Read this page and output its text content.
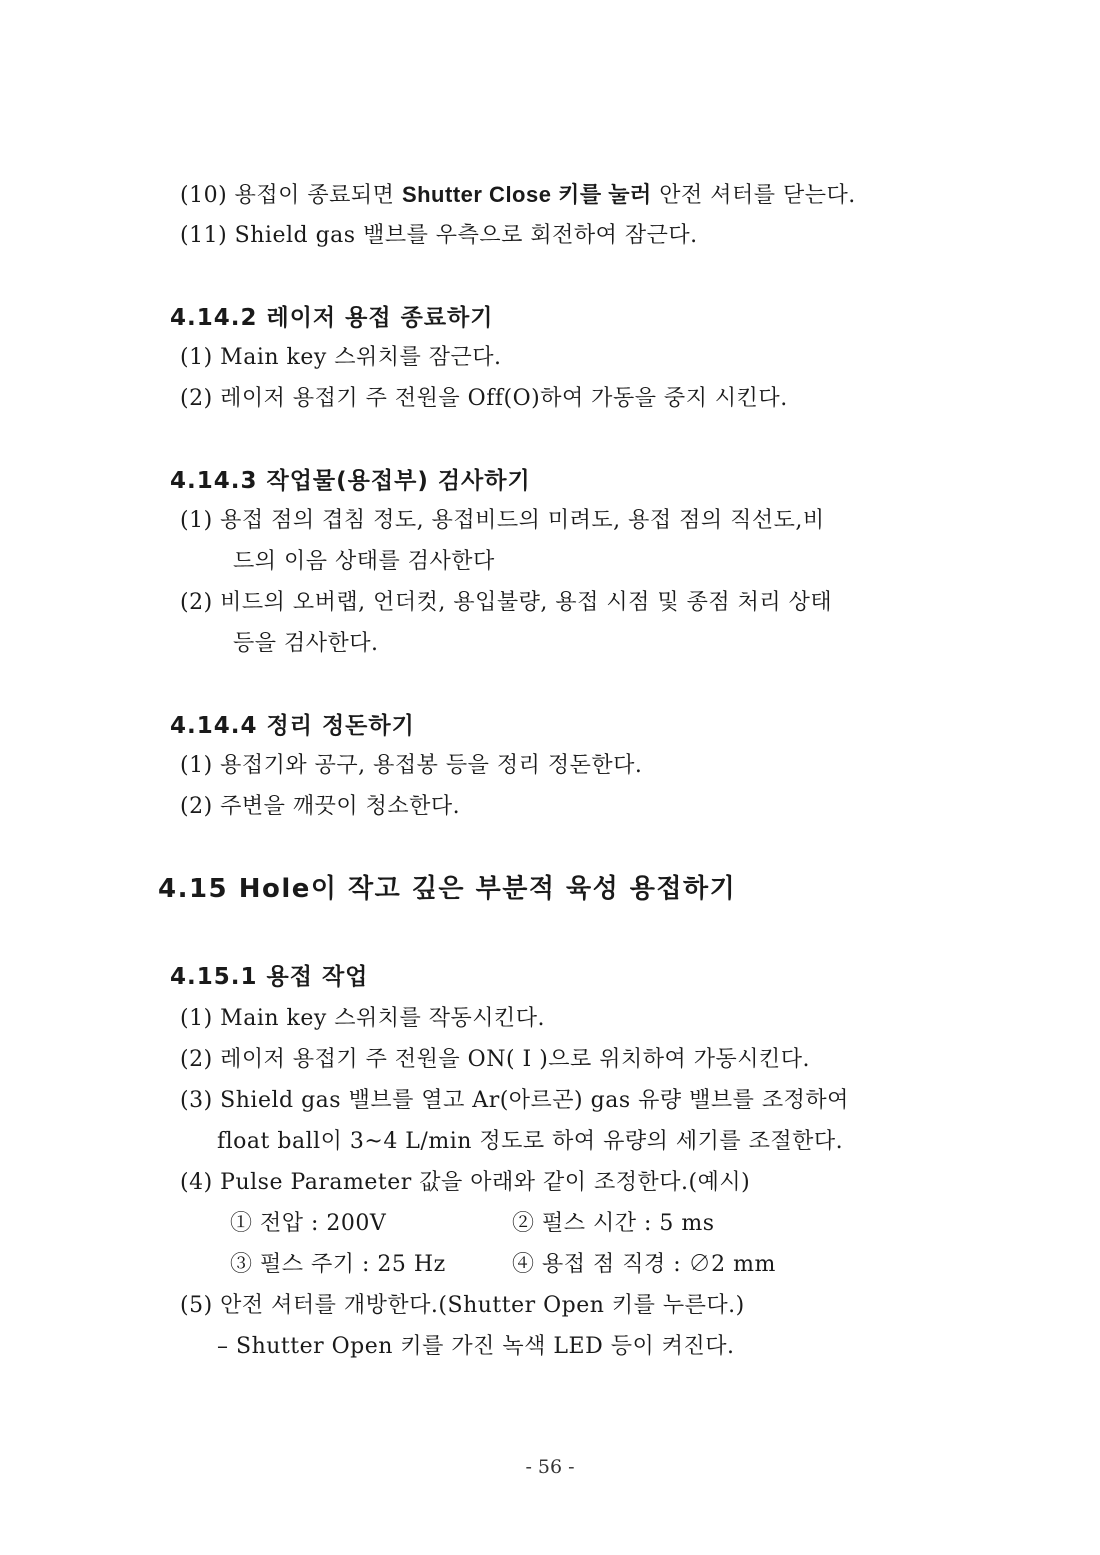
(10) 용접이 종료되면 Shutter Close 키를 눌러 안전 셔터를 닫는다.
(11) Shield gas 밸브를 우측으로 회전하여 잠근다.
4.14.2 레이저 용접 종료하기
(1) Main key 스위치를 잠근다.
(2) 레이저 용접기 주 전원을 Off(O)하여 가동을 중지 시킨다.
4.14.3 작업물(용접부) 검사하기
(1) 용접 점의 겹침 정도, 용접비드의 미려도, 용접 점의 직선도,비
드의 이음 상태를 검사한다
(2) 비드의 오버랩, 언더컷, 용입불량, 용접 시점 및 종점 처리 상태
등을 검사한다.
4.14.4 정리 정돈하기
(1) 용접기와 공구, 용접봉 등을 정리 정돈한다.
(2) 주변을 깨끗이 청소한다.
4.15 Hole이 작고 깊은 부분적 육성 용접하기
4.15.1 용접 작업
(1) Main key 스위치를 작동시킨다.
(2) 레이저 용접기 주 전원을 ON( I )으로 위치하여 가동시킨다.
(3) Shield gas 밸브를 열고 Ar(아르곤) gas 유량 밸브를 조정하여
float ball이 3~4 L/min 정도로 하여 유량의 세기를 조절한다.
(4) Pulse Parameter 값을 아래와 같이 조정한다.(예시)
① 전압 : 200V	② 펄스 시간 : 5 ms
③ 펄스 주기 : 25 Hz	④ 용접 점 직경 : ∅2 mm
(5) 안전 셔터를 개방한다.(Shutter Open 키를 누른다.)
– Shutter Open 키를 가진 녹색 LED 등이 켜진다.
- 56 -
